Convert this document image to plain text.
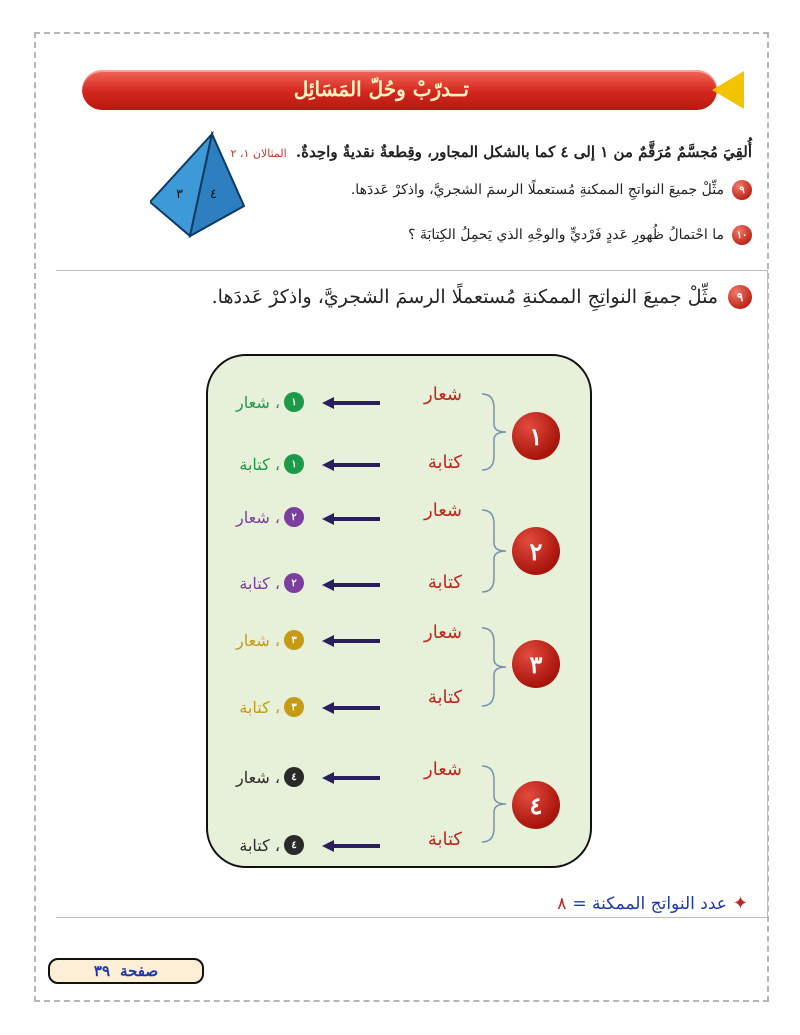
تــدرّبْ وحُلّ المَسَائِل
أُلقِيَ مُجسَّمٌ مُرَقَّمٌ من ١ إلى ٤ كما بالشكل المجاور، وقِطعةٌ نقديةٌ واحِدةٌ. المثالان ١، ٢
٩
مثِّلْ جميعَ النواتجِ الممكنةِ مُستعملًا الرسمَ الشجريَّ، واذكرْ عَددَها.
١٠
ما احْتمالُ ظُهورِ عَددٍ فَرْديٍّ والوجْهِ الذي يَحمِلُ الكِتابَةَ ؟
٣ ٤
٩
مثِّلْ جميعَ النواتِجِ الممكنةِ مُستعملًا الرسمَ الشجريَّ، واذكرْ عَددَها.
١
شعار
كتابة
١
، شعار
١
، كتابة
٢
شعار
كتابة
٢
، شعار
٢
، كتابة
٣
شعار
كتابة
٣
، شعار
٣
، كتابة
٤
شعار
كتابة
٤
، شعار
٤
، كتابة
✦
عدد النواتج الممكنة =
٨
صفحة
٣٩
